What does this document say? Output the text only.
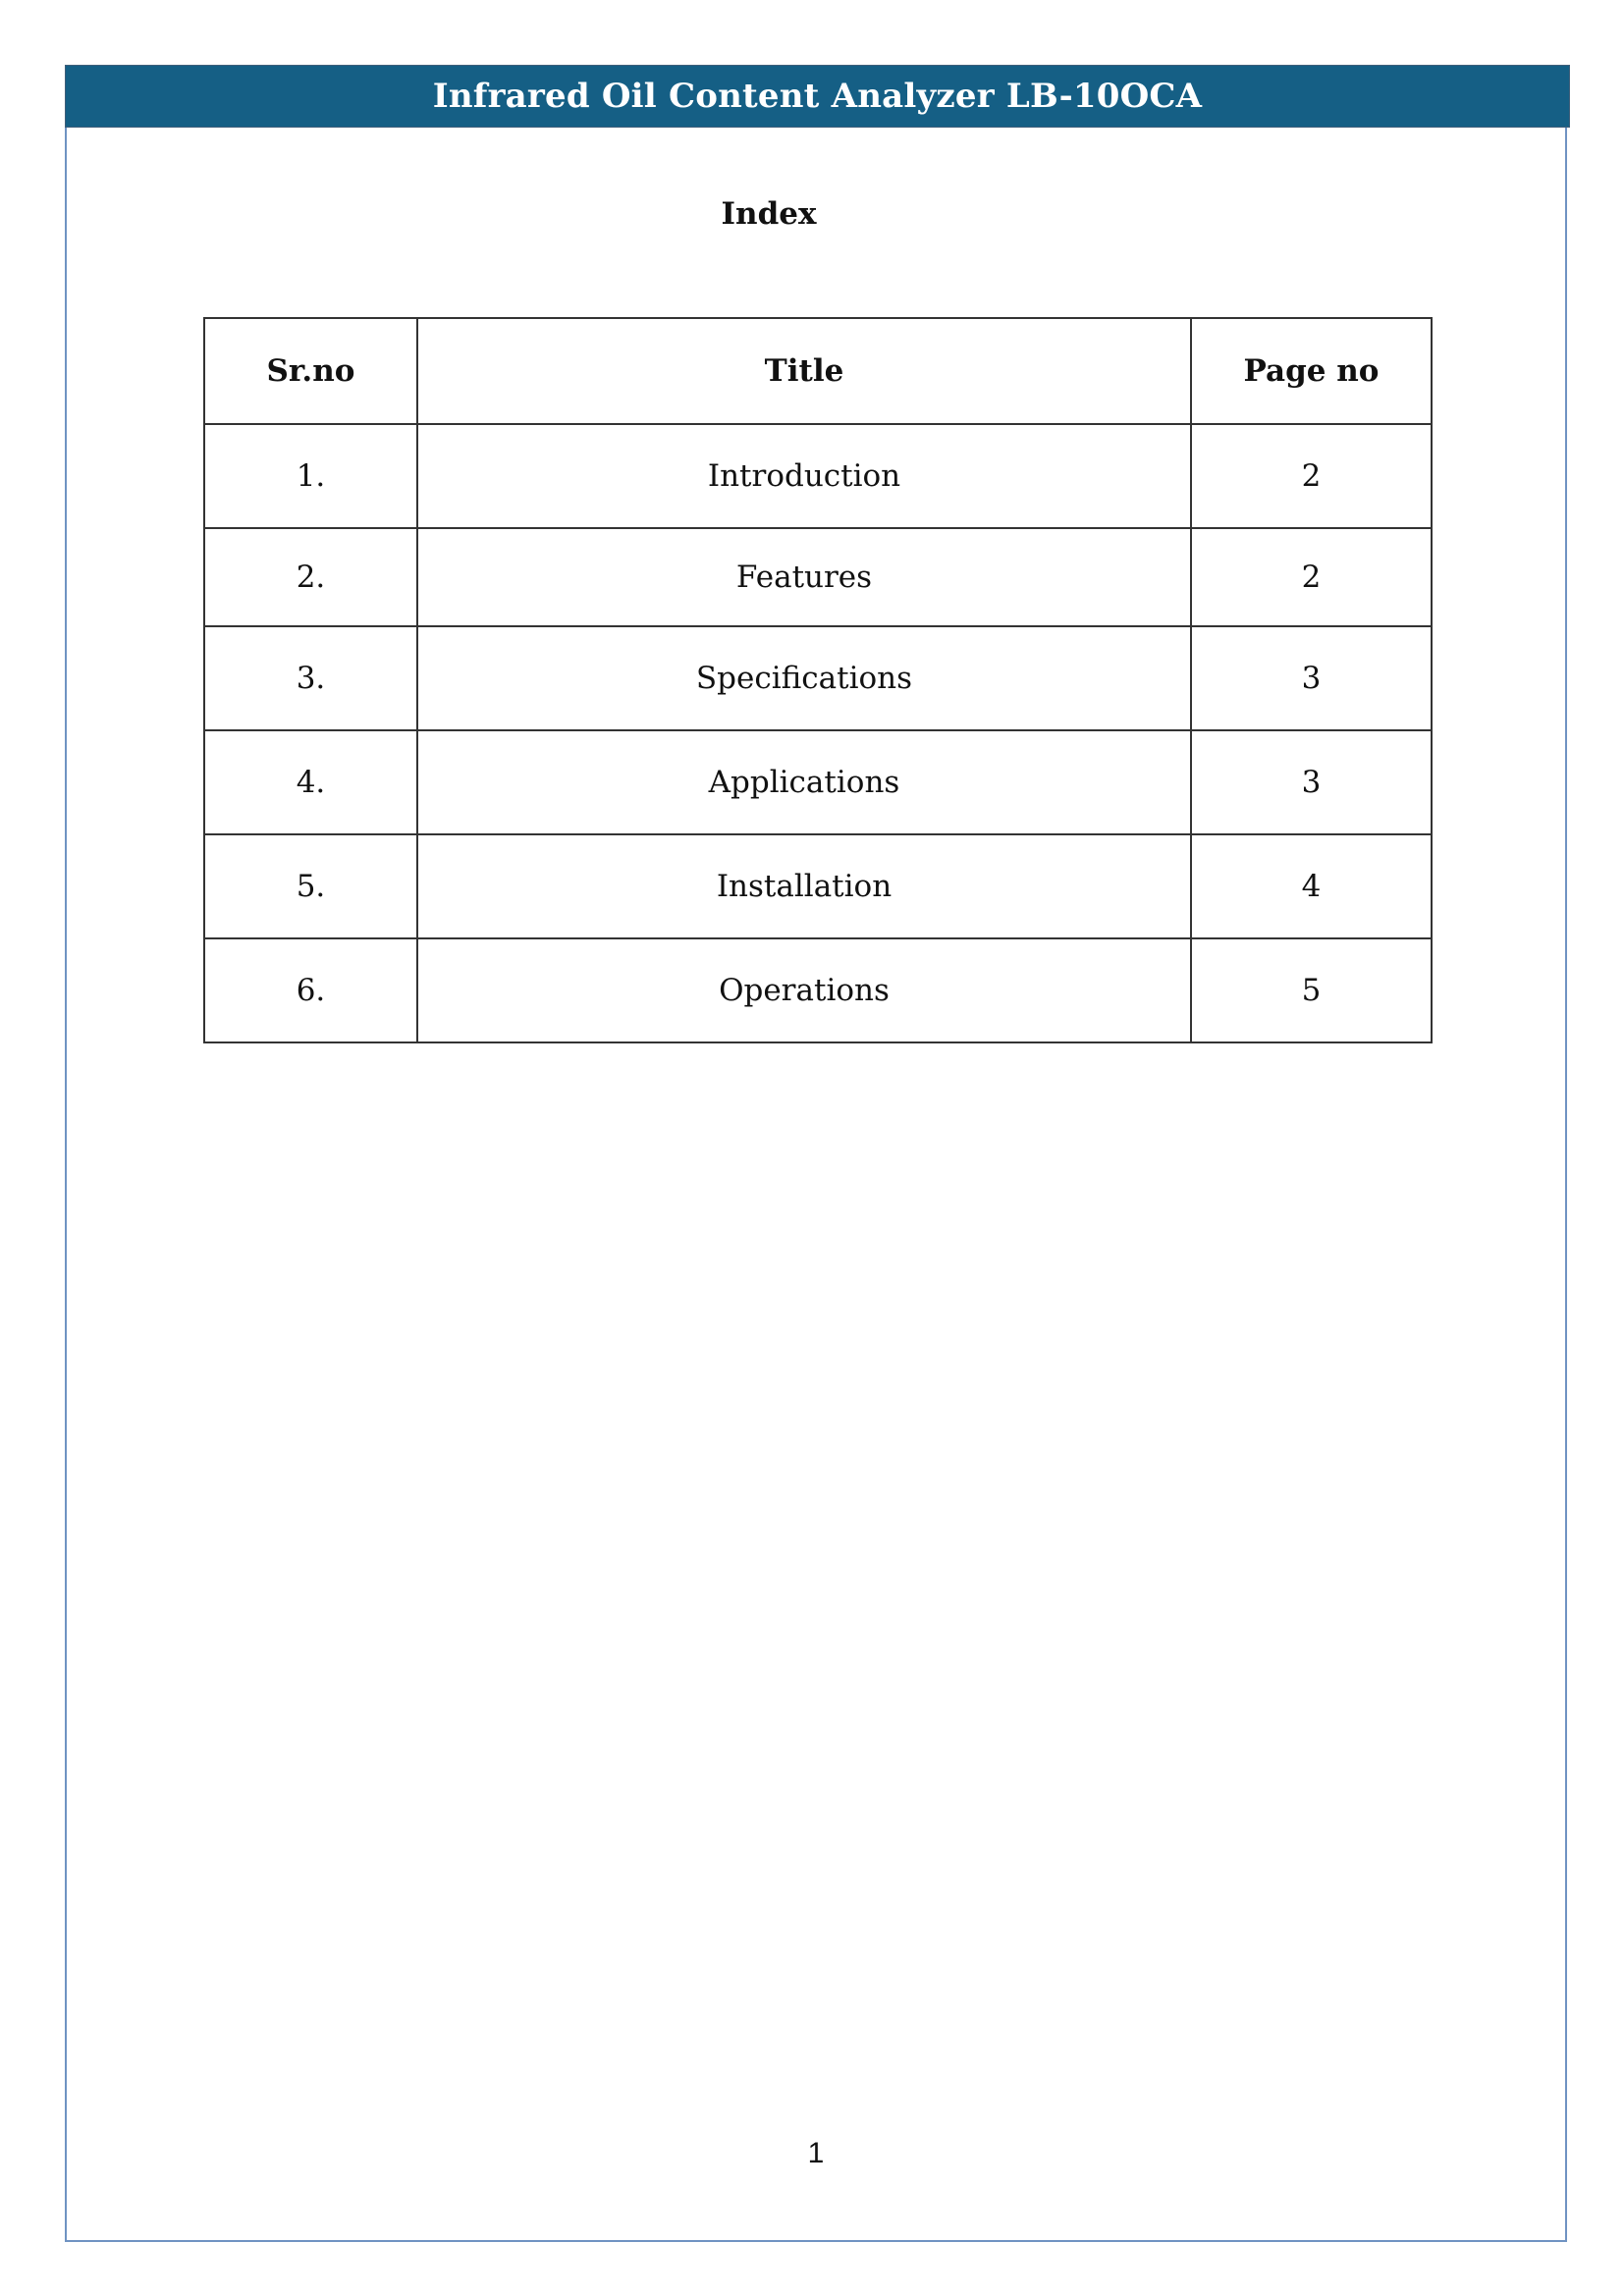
Infrared Oil Content Analyzer LB-10OCA
Index
Sr.no	Title	Page no
1.	Introduction	2
2.	Features	2
3.	Specifications	3
4.	Applications	3
5.	Installation	4
6.	Operations	5
1
